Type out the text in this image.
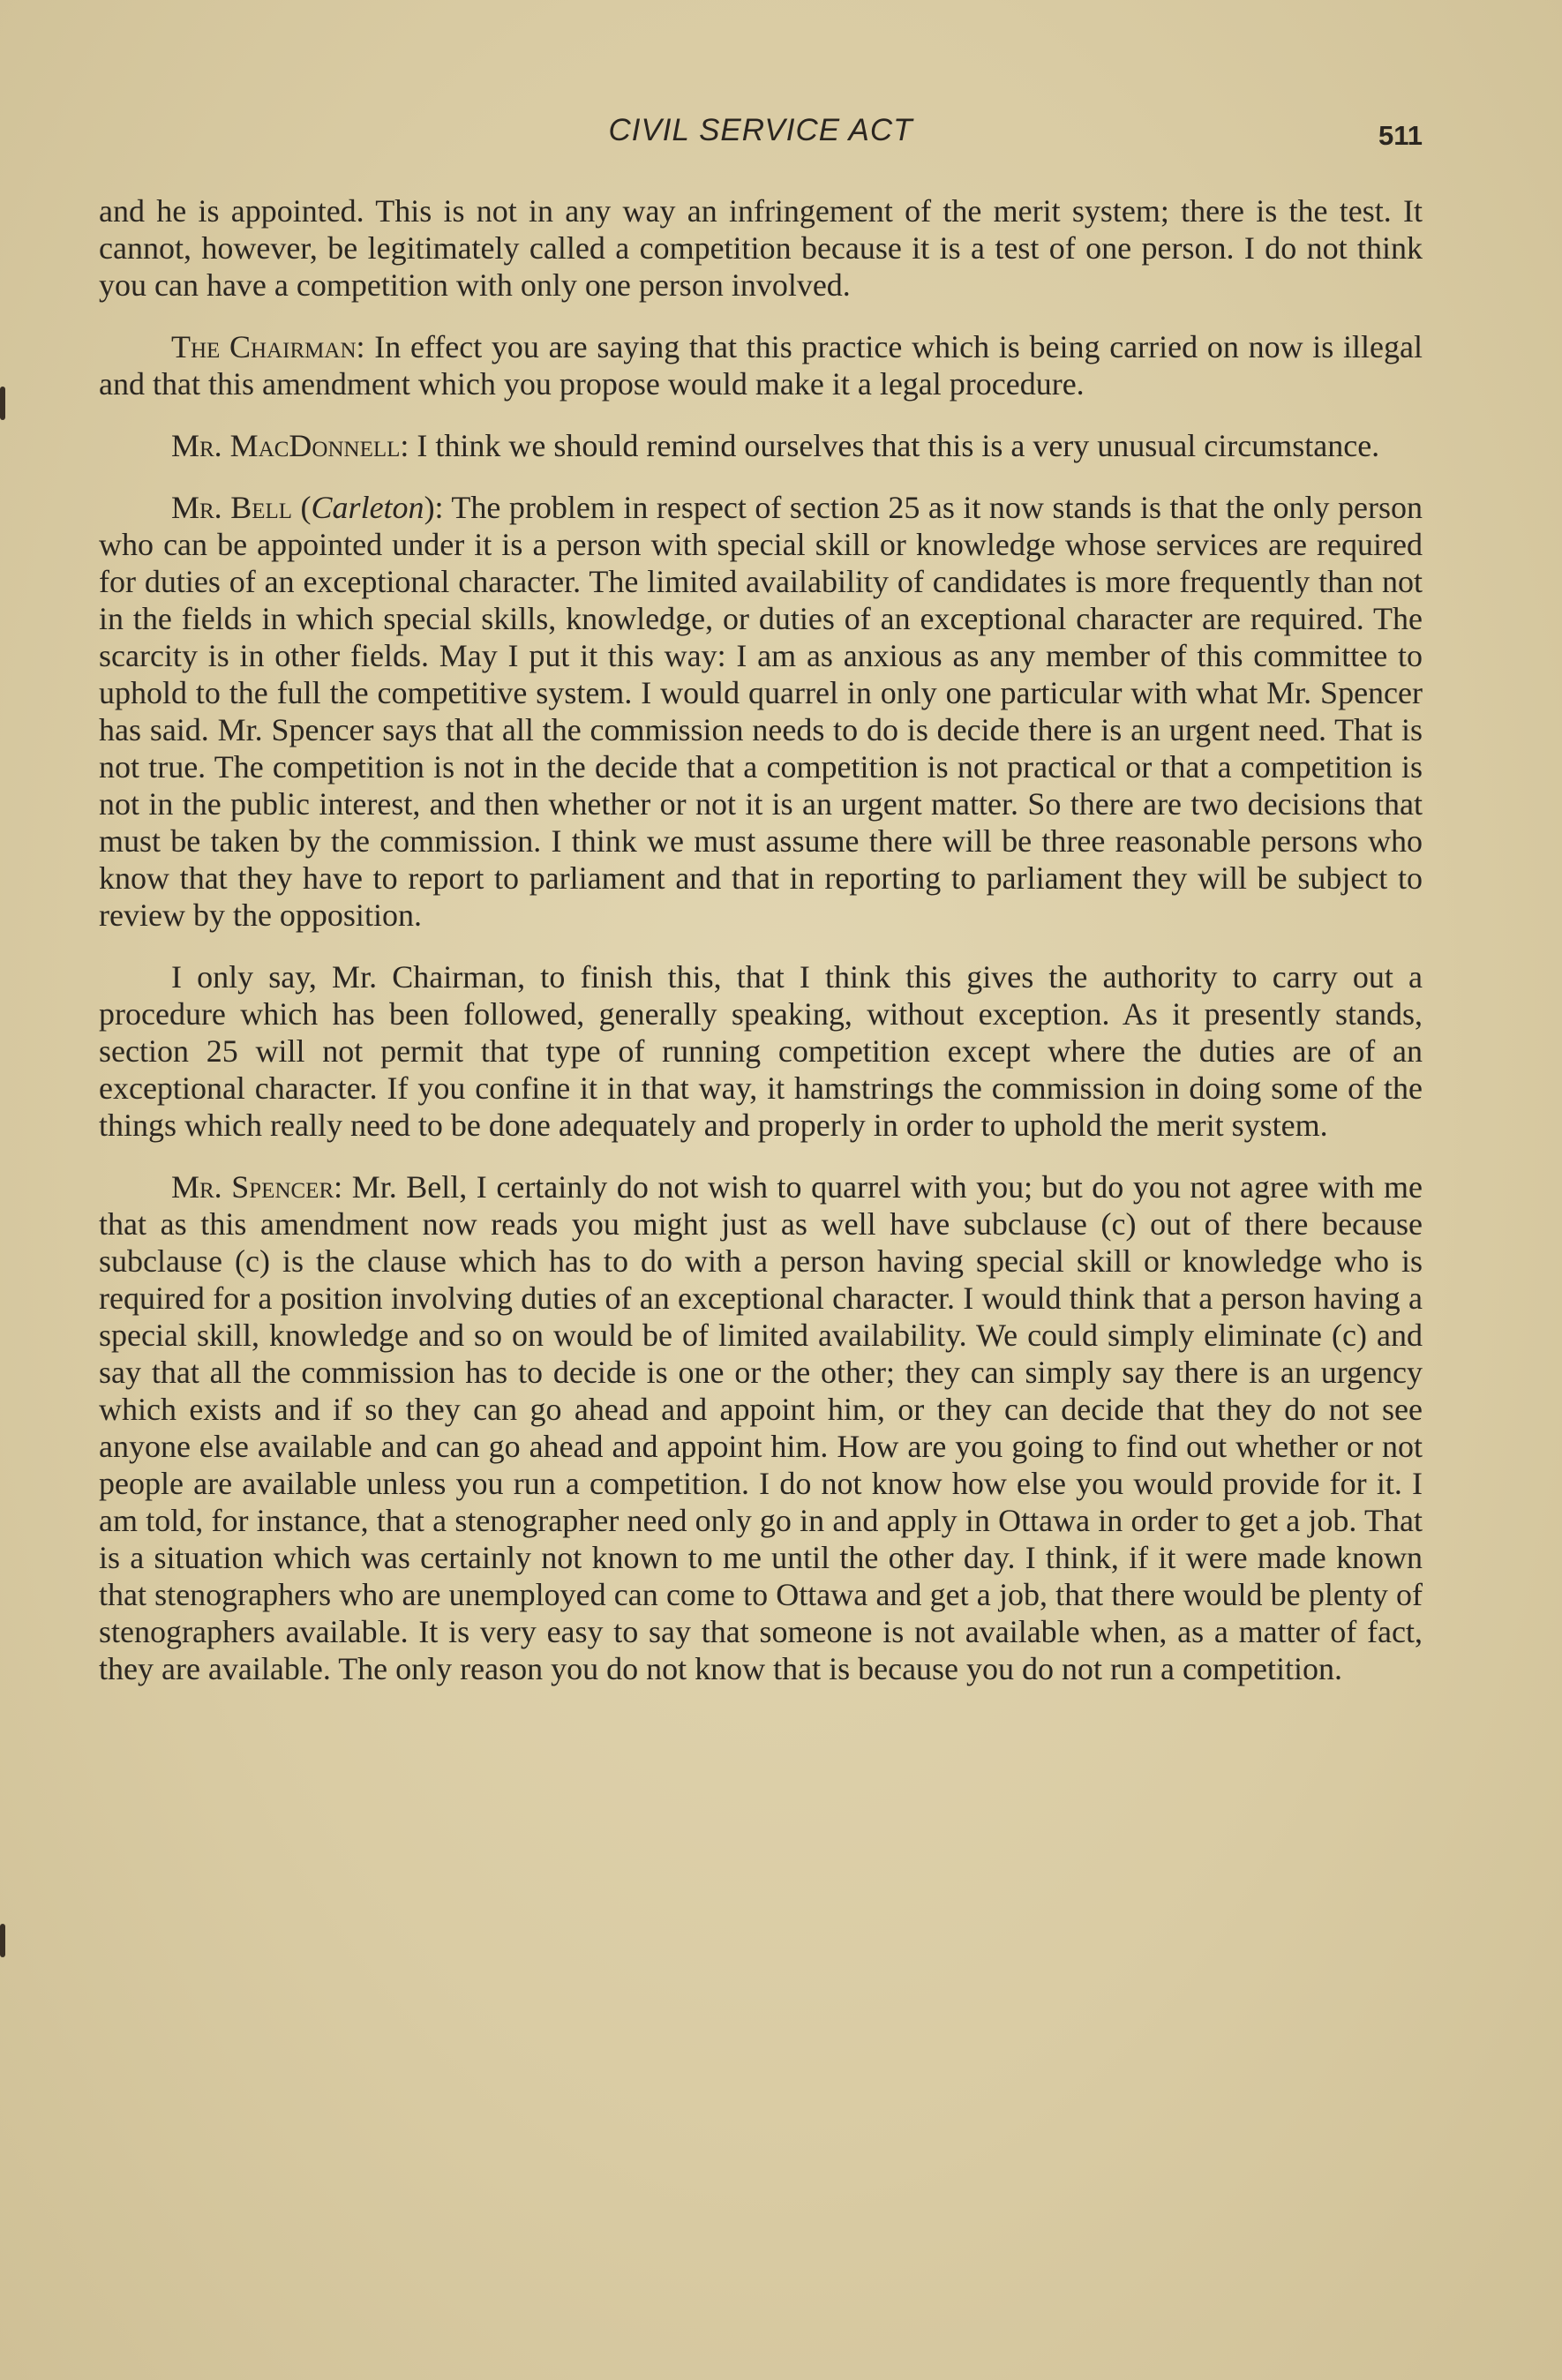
CIVIL SERVICE ACT	511

and he is appointed. This is not in any way an infringement of the merit system; there is the test. It cannot, however, be legitimately called a competition because it is a test of one person. I do not think you can have a competition with only one person involved.

The Chairman: In effect you are saying that this practice which is being carried on now is illegal and that this amendment which you propose would make it a legal procedure.

Mr. MacDonnell: I think we should remind ourselves that this is a very unusual circumstance.

Mr. Bell (Carleton): The problem in respect of section 25 as it now stands is that the only person who can be appointed under it is a person with special skill or knowledge whose services are required for duties of an exceptional character. The limited availability of candidates is more frequently than not in the fields in which special skills, knowledge, or duties of an exceptional character are required. The scarcity is in other fields. May I put it this way: I am as anxious as any member of this committee to uphold to the full the competitive system. I would quarrel in only one particular with what Mr. Spencer has said. Mr. Spencer says that all the commission needs to do is decide there is an urgent need. That is not true. The competition is not in the decide that a competition is not practical or that a competition is not in the public interest, and then whether or not it is an urgent matter. So there are two decisions that must be taken by the commission. I think we must assume there will be three reasonable persons who know that they have to report to parliament and that in reporting to parliament they will be subject to review by the opposition.

I only say, Mr. Chairman, to finish this, that I think this gives the authority to carry out a procedure which has been followed, generally speaking, without exception. As it presently stands, section 25 will not permit that type of running competition except where the duties are of an exceptional character. If you confine it in that way, it hamstrings the commission in doing some of the things which really need to be done adequately and properly in order to uphold the merit system.

Mr. Spencer: Mr. Bell, I certainly do not wish to quarrel with you; but do you not agree with me that as this amendment now reads you might just as well have subclause (c) out of there because subclause (c) is the clause which has to do with a person having special skill or knowledge who is required for a position involving duties of an exceptional character. I would think that a person having a special skill, knowledge and so on would be of limited availability. We could simply eliminate (c) and say that all the commission has to decide is one or the other; they can simply say there is an urgency which exists and if so they can go ahead and appoint him, or they can decide that they do not see anyone else available and can go ahead and appoint him. How are you going to find out whether or not people are available unless you run a competition. I do not know how else you would provide for it. I am told, for instance, that a stenographer need only go in and apply in Ottawa in order to get a job. That is a situation which was certainly not known to me until the other day. I think, if it were made known that stenographers who are unemployed can come to Ottawa and get a job, that there would be plenty of stenographers available. It is very easy to say that someone is not available when, as a matter of fact, they are available. The only reason you do not know that is because you do not run a competition.
